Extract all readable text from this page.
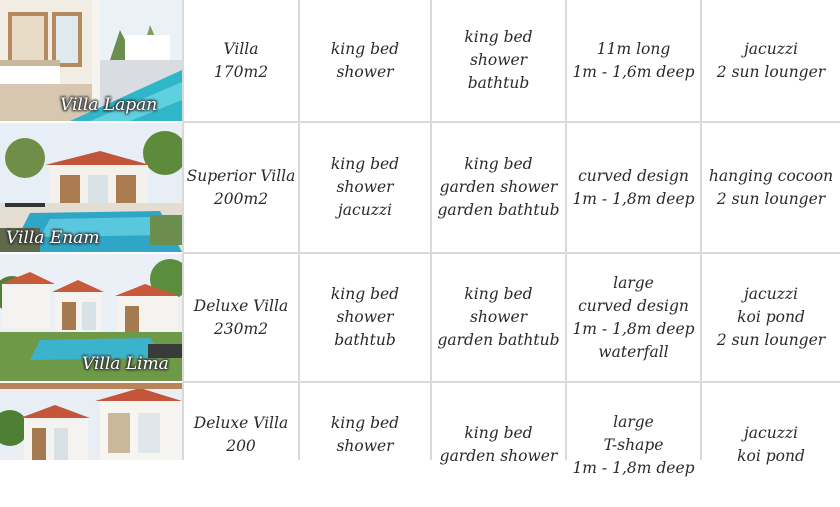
Villa Lapan
Villa Enam
Villa Lima
Villa
170m2
king bed
shower
king bed
shower
bathtub
11m long
1m - 1,6m deep
jacuzzi
2 sun lounger
Superior Villa
200m2
king bed
shower
jacuzzi
king bed
garden shower
garden bathtub
curved design
1m - 1,8m deep
hanging cocoon
2 sun lounger
Deluxe Villa
230m2
king bed
shower
bathtub
king bed
shower
garden bathtub
large
curved design
1m - 1,8m deep
waterfall
jacuzzi
koi pond
2 sun lounger
Deluxe Villa
200
king bed
shower
king bed
garden shower
large
T-shape
1m - 1,8m deep
jacuzzi
koi pond
